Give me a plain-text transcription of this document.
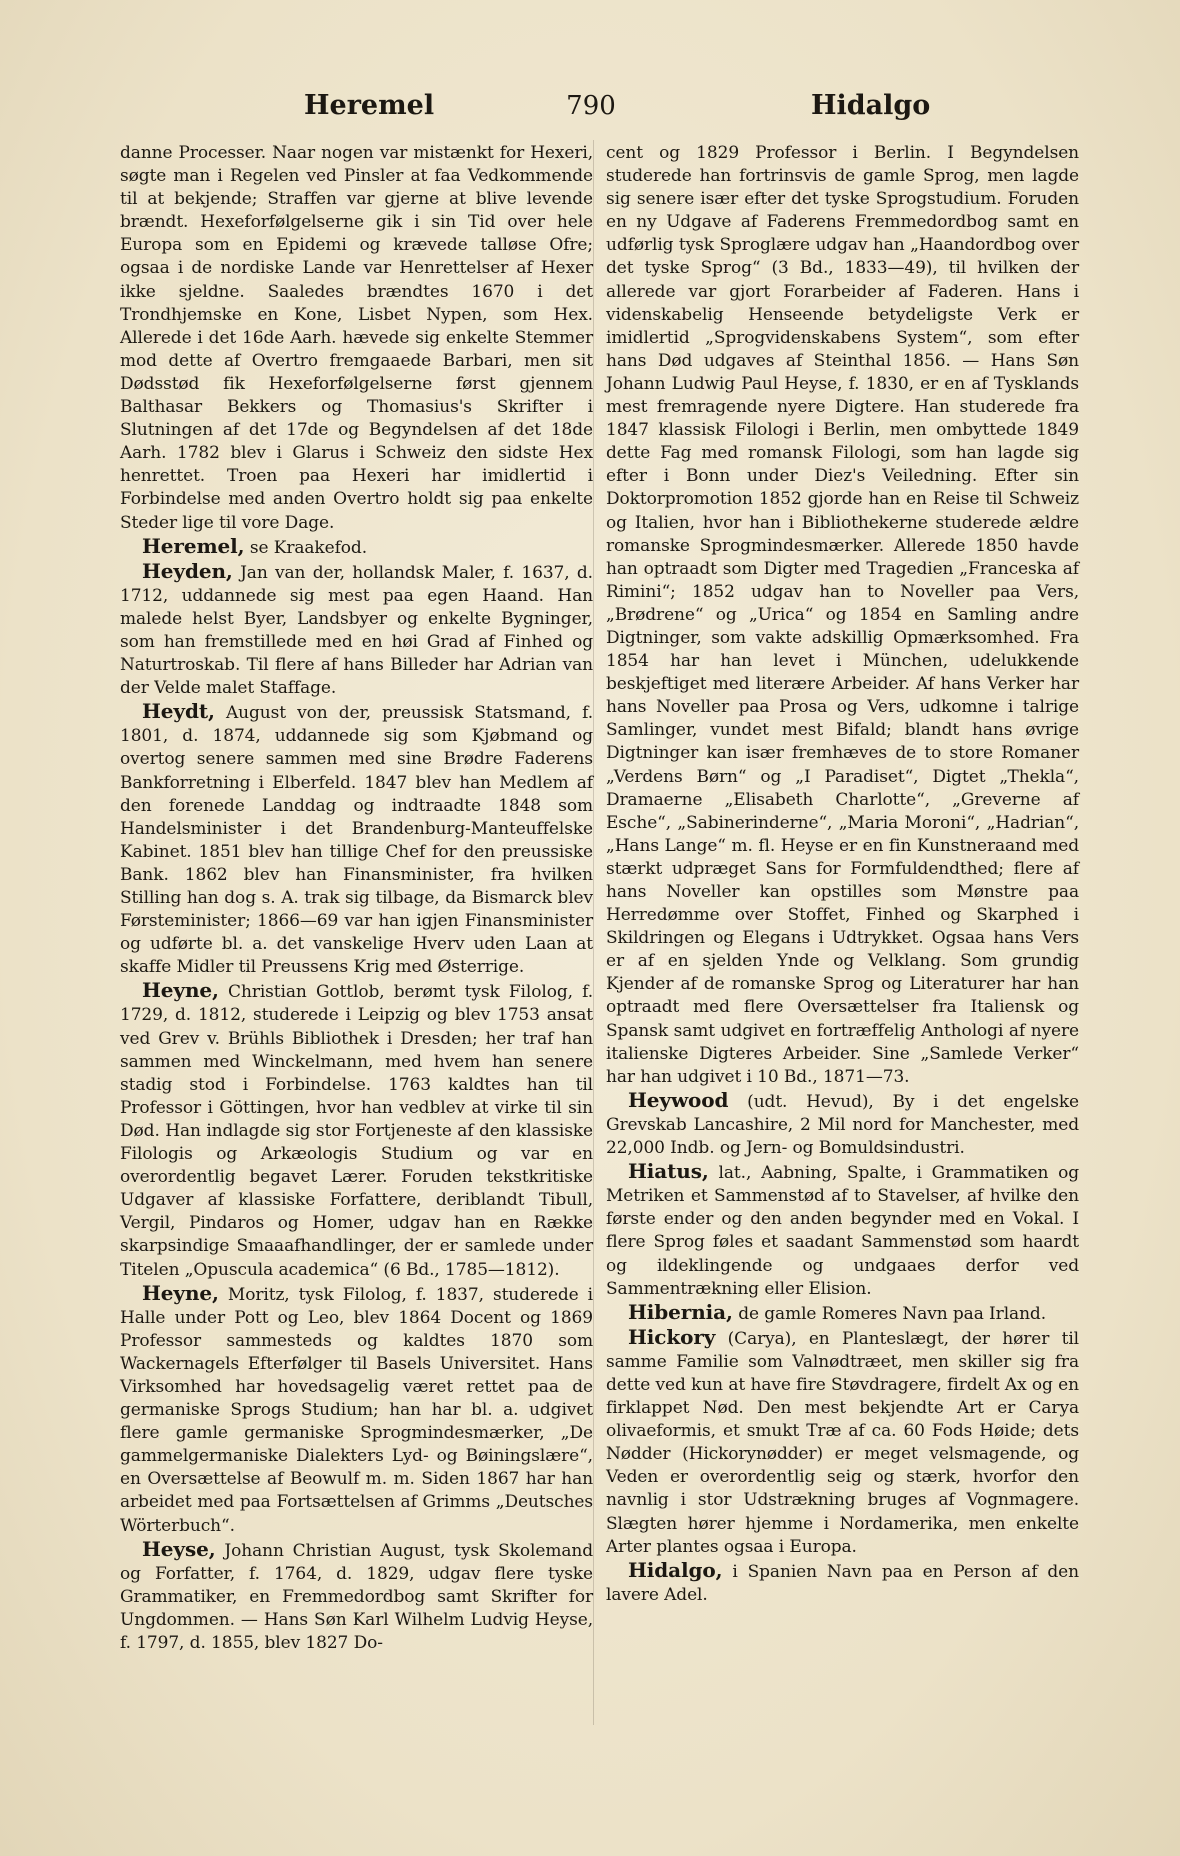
Heremel	790	Hidalgo

danne Processer. Naar nogen var mistænkt for Hexeri, søgte man i Regelen ved Pinsler at faa Vedkommende til at bekjende; Straffen var gjerne at blive levende brændt. Hexeforfølgelserne gik i sin Tid over hele Europa som en Epidemi og krævede talløse Ofre; ogsaa i de nordiske Lande var Henrettelser af Hexer ikke sjeldne. Saaledes brændtes 1670 i det Trondhjemske en Kone, Lisbet Nypen, som Hex. Allerede i det 16de Aarh. hævede sig enkelte Stemmer mod dette af Overtro fremgaaede Barbari, men sit Dødsstød fik Hexeforfølgelserne først gjennem Balthasar Bekkers og Thomasius's Skrifter i Slutningen af det 17de og Begyndelsen af det 18de Aarh. 1782 blev i Glarus i Schweiz den sidste Hex henrettet. Troen paa Hexeri har imidlertid i Forbindelse med anden Overtro holdt sig paa enkelte Steder lige til vore Dage.

Heremel, se Kraakefod.

Heyden, Jan van der, hollandsk Maler, f. 1637, d. 1712, uddannede sig mest paa egen Haand. Han malede helst Byer, Landsbyer og enkelte Bygninger, som han fremstillede med en høi Grad af Finhed og Naturtroskab. Til flere af hans Billeder har Adrian van der Velde malet Staffage.

Heydt, August von der, preussisk Statsmand, f. 1801, d. 1874, uddannede sig som Kjøbmand og overtog senere sammen med sine Brødre Faderens Bankforretning i Elberfeld. 1847 blev han Medlem af den forenede Landdag og indtraadte 1848 som Handelsminister i det Brandenburg-Manteuffelske Kabinet. 1851 blev han tillige Chef for den preussiske Bank. 1862 blev han Finansminister, fra hvilken Stilling han dog s. A. trak sig tilbage, da Bismarck blev Førsteminister; 1866—69 var han igjen Finansminister og udførte bl. a. det vanskelige Hverv uden Laan at skaffe Midler til Preussens Krig med Østerrige.

Heyne, Christian Gottlob, berømt tysk Filolog, f. 1729, d. 1812, studerede i Leipzig og blev 1753 ansat ved Grev v. Brühls Bibliothek i Dresden; her traf han sammen med Winckelmann, med hvem han senere stadig stod i Forbindelse. 1763 kaldtes han til Professor i Göttingen, hvor han vedblev at virke til sin Død. Han indlagde sig stor Fortjeneste af den klassiske Filologis og Arkæologis Studium og var en overordentlig begavet Lærer. Foruden tekstkritiske Udgaver af klassiske Forfattere, deriblandt Tibull, Vergil, Pindaros og Homer, udgav han en Række skarpsindige Smaaafhandlinger, der er samlede under Titelen „Opuscula academica“ (6 Bd., 1785—1812).

Heyne, Moritz, tysk Filolog, f. 1837, studerede i Halle under Pott og Leo, blev 1864 Docent og 1869 Professor sammesteds og kaldtes 1870 som Wackernagels Efterfølger til Basels Universitet. Hans Virksomhed har hovedsagelig været rettet paa de germaniske Sprogs Studium; han har bl. a. udgivet flere gamle germaniske Sprogmindesmærker, „De gammelgermaniske Dialekters Lyd- og Bøiningslære“, en Oversættelse af Beowulf m. m. Siden 1867 har han arbeidet med paa Fortsættelsen af Grimms „Deutsches Wörterbuch“.

Heyse, Johann Christian August, tysk Skolemand og Forfatter, f. 1764, d. 1829, udgav flere tyske Grammatiker, en Fremmedordbog samt Skrifter for Ungdommen. — Hans Søn Karl Wilhelm Ludvig Heyse, f. 1797, d. 1855, blev 1827 Do-

cent og 1829 Professor i Berlin. I Begyndelsen studerede han fortrinsvis de gamle Sprog, men lagde sig senere især efter det tyske Sprogstudium. Foruden en ny Udgave af Faderens Fremmedordbog samt en udførlig tysk Sproglære udgav han „Haandordbog over det tyske Sprog“ (3 Bd., 1833—49), til hvilken der allerede var gjort Forarbeider af Faderen. Hans i videnskabelig Henseende betydeligste Verk er imidlertid „Sprogvidenskabens System“, som efter hans Død udgaves af Steinthal 1856. — Hans Søn Johann Ludwig Paul Heyse, f. 1830, er en af Tysklands mest fremragende nyere Digtere. Han studerede fra 1847 klassisk Filologi i Berlin, men ombyttede 1849 dette Fag med romansk Filologi, som han lagde sig efter i Bonn under Diez's Veiledning. Efter sin Doktorpromotion 1852 gjorde han en Reise til Schweiz og Italien, hvor han i Bibliothekerne studerede ældre romanske Sprogmindesmærker. Allerede 1850 havde han optraadt som Digter med Tragedien „Franceska af Rimini“; 1852 udgav han to Noveller paa Vers, „Brødrene“ og „Urica“ og 1854 en Samling andre Digtninger, som vakte adskillig Opmærksomhed. Fra 1854 har han levet i München, udelukkende beskjeftiget med literære Arbeider. Af hans Verker har hans Noveller paa Prosa og Vers, udkomne i talrige Samlinger, vundet mest Bifald; blandt hans øvrige Digtninger kan især fremhæves de to store Romaner „Verdens Børn“ og „I Paradiset“, Digtet „Thekla“, Dramaerne „Elisabeth Charlotte“, „Greverne af Esche“, „Sabinerinderne“, „Maria Moroni“, „Hadrian“, „Hans Lange“ m. fl. Heyse er en fin Kunstneraand med stærkt udpræget Sans for Formfuldendthed; flere af hans Noveller kan opstilles som Mønstre paa Herredømme over Stoffet, Finhed og Skarphed i Skildringen og Elegans i Udtrykket. Ogsaa hans Vers er af en sjelden Ynde og Velklang. Som grundig Kjender af de romanske Sprog og Literaturer har han optraadt med flere Oversættelser fra Italiensk og Spansk samt udgivet en fortræffelig Anthologi af nyere italienske Digteres Arbeider. Sine „Samlede Verker“ har han udgivet i 10 Bd., 1871—73.

Heywood (udt. Hevud), By i det engelske Grevskab Lancashire, 2 Mil nord for Manchester, med 22,000 Indb. og Jern- og Bomuldsindustri.

Hiatus, lat., Aabning, Spalte, i Grammatiken og Metriken et Sammenstød af to Stavelser, af hvilke den første ender og den anden begynder med en Vokal. I flere Sprog føles et saadant Sammenstød som haardt og ildeklingende og undgaaes derfor ved Sammentrækning eller Elision.

Hibernia, de gamle Romeres Navn paa Irland.

Hickory (Carya), en Planteslægt, der hører til samme Familie som Valnødtræet, men skiller sig fra dette ved kun at have fire Støvdragere, firdelt Ax og en firklappet Nød. Den mest bekjendte Art er Carya olivaeformis, et smukt Træ af ca. 60 Fods Høide; dets Nødder (Hickorynødder) er meget velsmagende, og Veden er overordentlig seig og stærk, hvorfor den navnlig i stor Udstrækning bruges af Vognmagere. Slægten hører hjemme i Nordamerika, men enkelte Arter plantes ogsaa i Europa.

Hidalgo, i Spanien Navn paa en Person af den lavere Adel.
